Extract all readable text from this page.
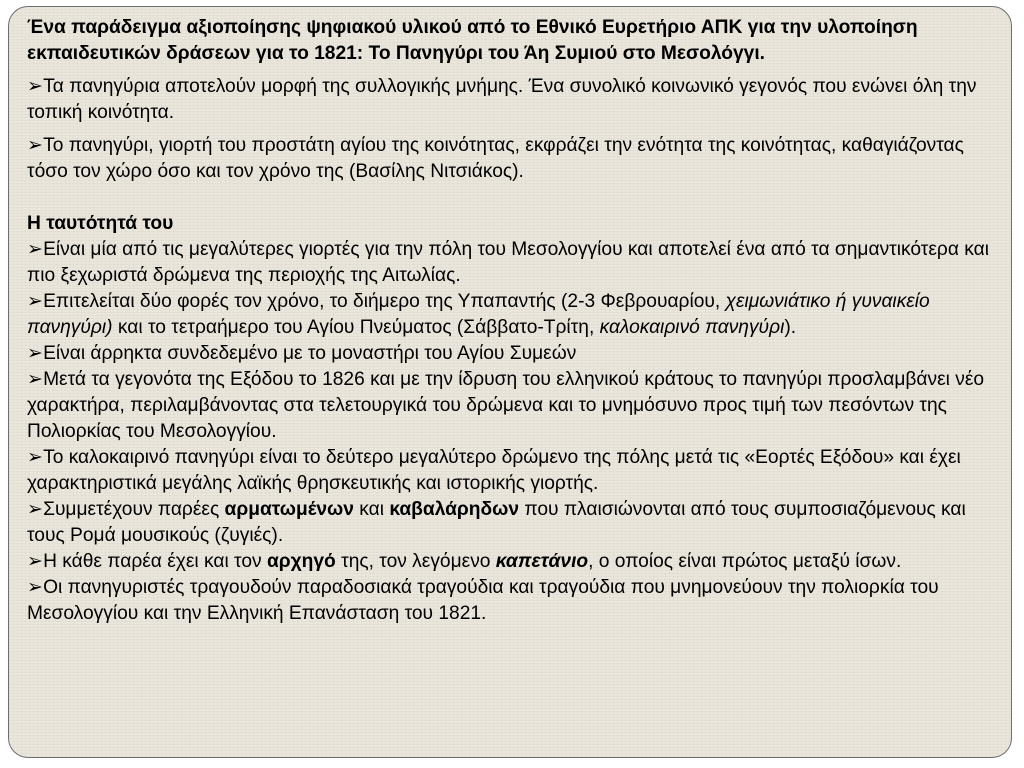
Ένα παράδειγμα αξιοποίησης ψηφιακού υλικού από το Εθνικό Ευρετήριο ΑΠΚ για την υλοποίηση εκπαιδευτικών δράσεων για το 1821: Το Πανηγύρι του Άη Συμιού στο Μεσολόγγι.

➢Τα πανηγύρια αποτελούν μορφή της συλλογικής μνήμης. Ένα συνολικό κοινωνικό γεγονός που ενώνει όλη την τοπική κοινότητα.

➢Το πανηγύρι, γιορτή του προστάτη αγίου της κοινότητας, εκφράζει την ενότητα της κοινότητας, καθαγιάζοντας τόσο τον χώρο όσο και τον χρόνο της (Βασίλης Νιτσιάκος).

Η ταυτότητά του

➢Είναι μία από τις μεγαλύτερες γιορτές για την πόλη του Μεσολογγίου και αποτελεί ένα από τα σημαντικότερα και πιο ξεχωριστά δρώμενα της περιοχής της Αιτωλίας.

➢Επιτελείται δύο φορές τον χρόνο, το διήμερο της Υπαπαντής (2-3 Φεβρουαρίου, χειμωνιάτικο ή γυναικείο πανηγύρι) και το τετραήμερο του Αγίου Πνεύματος (Σάββατο-Τρίτη, καλοκαιρινό πανηγύρι).

➢Είναι άρρηκτα συνδεδεμένο με το μοναστήρι του Αγίου Συμεών

➢Μετά τα γεγονότα της Εξόδου το 1826 και με την ίδρυση του ελληνικού κράτους το πανηγύρι προσλαμβάνει νέο χαρακτήρα, περιλαμβάνοντας στα τελετουργικά του δρώμενα και το μνημόσυνο προς τιμή των πεσόντων της Πολιορκίας του Μεσολογγίου.

➢Το καλοκαιρινό πανηγύρι είναι το δεύτερο μεγαλύτερο δρώμενο της πόλης μετά τις «Εορτές Εξόδου» και έχει χαρακτηριστικά μεγάλης λαϊκής θρησκευτικής και ιστορικής γιορτής.

➢Συμμετέχουν παρέες αρματωμένων και καβαλάρηδων που πλαισιώνονται από τους συμποσιαζόμενους και τους Ρομά μουσικούς (ζυγιές).

➢Η κάθε παρέα έχει και τον αρχηγό της, τον λεγόμενο καπετάνιο, ο οποίος είναι πρώτος μεταξύ ίσων.

➢Οι πανηγυριστές τραγουδούν παραδοσιακά τραγούδια και τραγούδια που μνημονεύουν την πολιορκία του Μεσολογγίου και την Ελληνική Επανάσταση του 1821.
